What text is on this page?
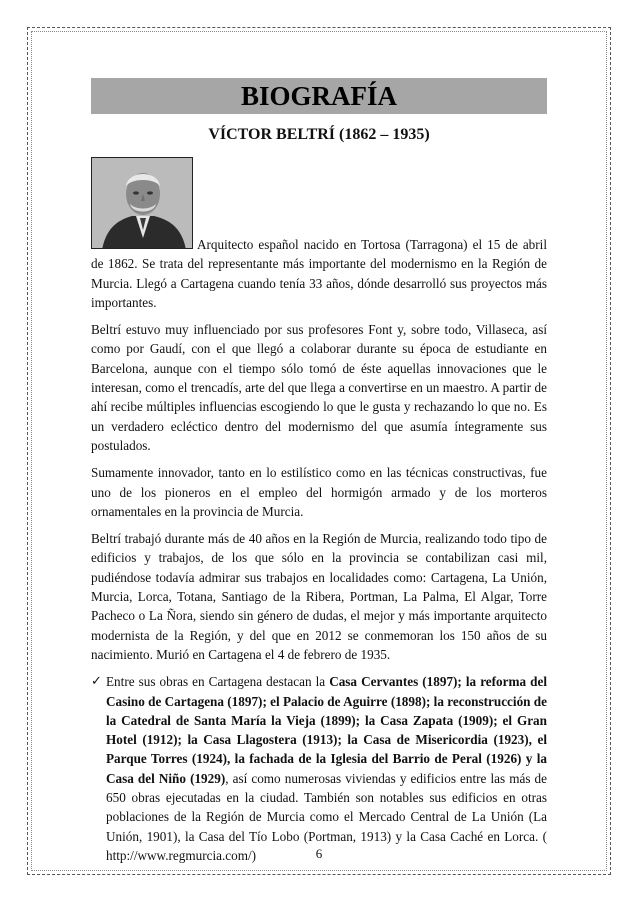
BIOGRAFÍA
VÍCTOR BELTRÍ (1862 – 1935)

Arquitecto español nacido en Tortosa (Tarragona) el 15 de abril de 1862. Se trata del representante más importante del modernismo en la Región de Murcia. Llegó a Cartagena cuando tenía 33 años, dónde desarrolló sus proyectos más importantes.

Beltrí estuvo muy influenciado por sus profesores Font y, sobre todo, Villaseca, así como por Gaudí, con el que llegó a colaborar durante su época de estudiante en Barcelona, aunque con el tiempo sólo tomó de éste aquellas innovaciones que le interesan, como el trencadís, arte del que llega a convertirse en un maestro. A partir de ahí recibe múltiples influencias escogiendo lo que le gusta y rechazando lo que no. Es un verdadero ecléctico dentro del modernismo del que asumía íntegramente sus postulados.

Sumamente innovador, tanto en lo estilístico como en las técnicas constructivas, fue uno de los pioneros en el empleo del hormigón armado y de los morteros ornamentales en la provincia de Murcia.

Beltrí trabajó durante más de 40 años en la Región de Murcia, realizando todo tipo de edificios y trabajos, de los que sólo en la provincia se contabilizan casi mil, pudiéndose todavía admirar sus trabajos en localidades como: Cartagena, La Unión, Murcia, Lorca, Totana, Santiago de la Ribera, Portman, La Palma, El Algar, Torre Pacheco o La Ñora, siendo sin género de dudas, el mejor y más importante arquitecto modernista de la Región, y del que en 2012 se conmemoran los 150 años de su nacimiento. Murió en Cartagena el 4 de febrero de 1935.

✓ Entre sus obras en Cartagena destacan la Casa Cervantes (1897); la reforma del Casino de Cartagena (1897); el Palacio de Aguirre (1898); la reconstrucción de la Catedral de Santa María la Vieja (1899); la Casa Zapata (1909); el Gran Hotel (1912); la Casa Llagostera (1913); la Casa de Misericordia (1923), el Parque Torres (1924), la fachada de la Iglesia del Barrio de Peral (1926) y la Casa del Niño (1929), así como numerosas viviendas y edificios entre las más de 650 obras ejecutadas en la ciudad. También son notables sus edificios en otras poblaciones de la Región de Murcia como el Mercado Central de La Unión (La Unión, 1901), la Casa del Tío Lobo (Portman, 1913) y la Casa Caché en Lorca. ( http://www.regmurcia.com/)	6
